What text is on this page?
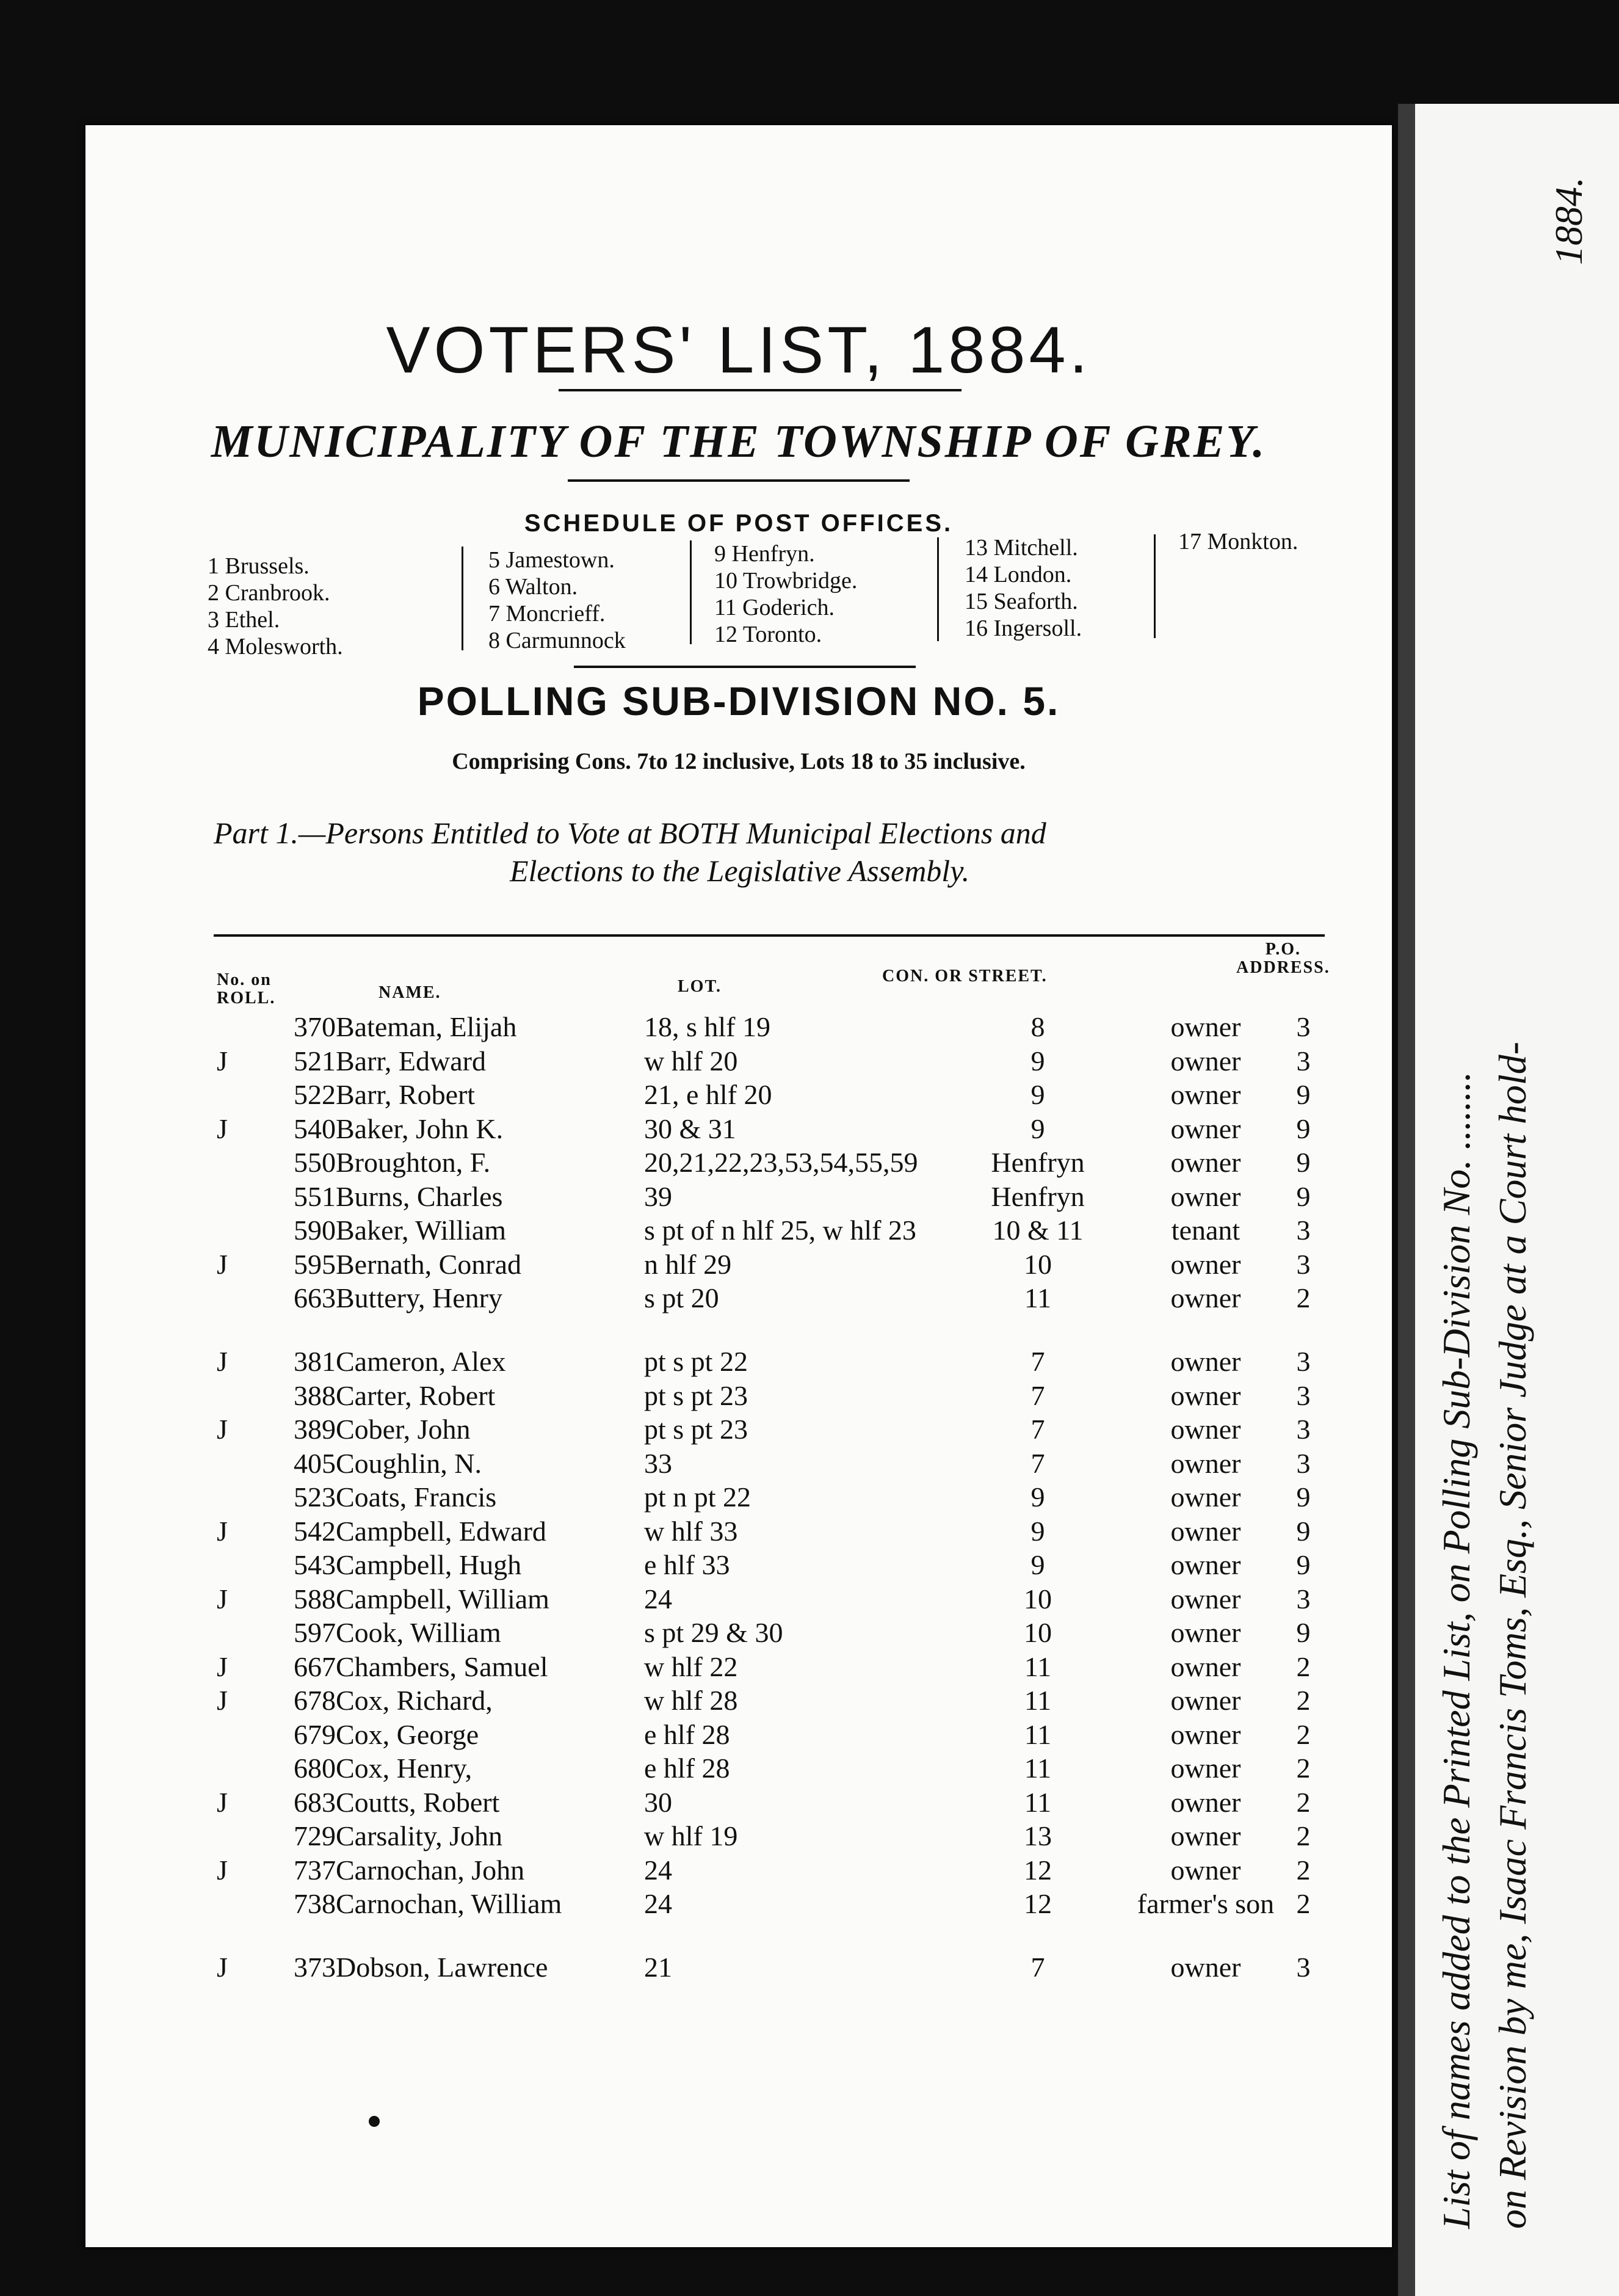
VOTERS' LIST, 1884.
MUNICIPALITY OF THE TOWNSHIP OF GREY.
SCHEDULE OF POST OFFICES.
1 Brussels.
2 Cranbrook.
3 Ethel.
4 Molesworth.
5 Jamestown.
6 Walton.
7 Moncrieff.
8 Carmunnock
9 Henfryn.
10 Trowbridge.
11 Goderich.
12 Toronto.
13 Mitchell.
14 London.
15 Seaforth.
16 Ingersoll.
17 Monkton.
POLLING SUB-DIVISION NO. 5.
Comprising Cons. 7to 12 inclusive, Lots 18 to 35 inclusive.
Part 1.—Persons Entitled to Vote at BOTH Municipal Elections and
Elections to the Legislative Assembly.
No. on
ROLL.	NAME.	LOT.
CON. OR STREET.
P.O.
ADDRESS.
370 Bateman, Elijah	18, s hlf 19	8	owner	3
J	521 Barr, Edward	w hlf 20	9	owner	3
522 Barr, Robert	21, e hlf 20	9	owner	9
J	540 Baker, John K.	30 & 31	9	owner	9
550 Broughton, F.	20,21,22,23,53,54,55,59	Henfryn	owner	9
551 Burns, Charles	39	Henfryn	owner	9
590 Baker, William	s pt of n hlf 25, w hlf 23	10 & 11	tenant	3
J	595 Bernath, Conrad	n hlf 29	10	owner	3
663 Buttery, Henry	s pt 20	11	owner	2
J	381 Cameron, Alex	pt s pt 22	7	owner	3
388 Carter, Robert	pt s pt 23	7	owner	3
J	389 Cober, John	pt s pt 23	7	owner	3
405 Coughlin, N.	33	7	owner	3
523 Coats, Francis	pt n pt 22	9	owner	9
J	542 Campbell, Edward	w hlf 33	9	owner	9
543 Campbell, Hugh	e hlf 33	9	owner	9
J	588 Campbell, William	24	10	owner	3
597 Cook, William	s pt 29 & 30	10	owner	9
J	667 Chambers, Samuel	w hlf 22	11	owner	2
J	678 Cox, Richard,	w hlf 28	11	owner	2
679 Cox, George	e hlf 28	11	owner	2
680 Cox, Henry,	e hlf 28	11	owner	2
J	683 Coutts, Robert	30	11	owner	2
729 Carsality, John	w hlf 19	13	owner	2
J	737 Carnochan, John	24	12	owner	2
738 Carnochan, William	24	12	farmer's son 2
J	373 Dobson, Lawrence	21	7	owner	3	List of names added to the Printed List, on Polling Sub-Division No. ........ on Revision by me, Isaac Francis Toms, Esq., Senior Judge at a Court hold-
1884.
